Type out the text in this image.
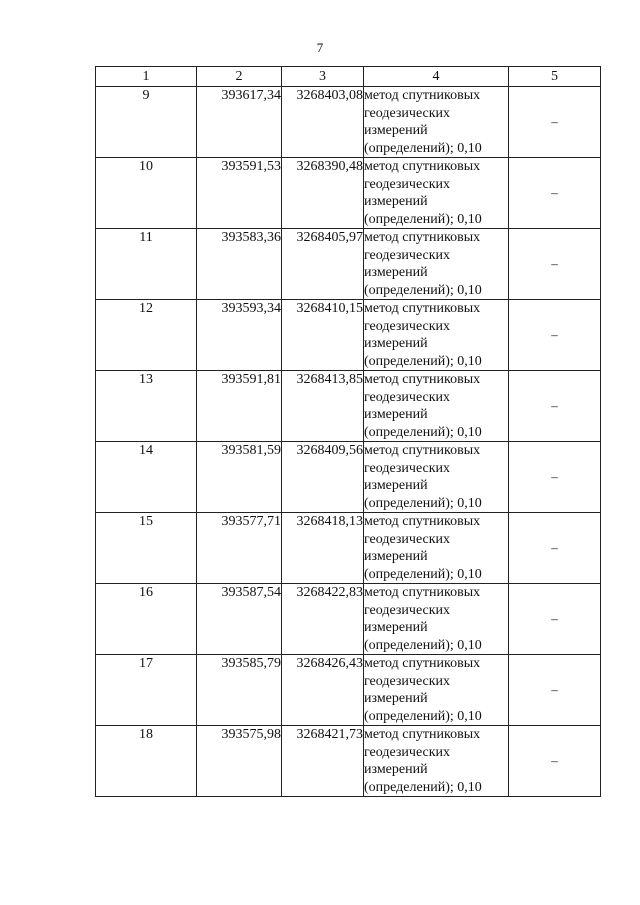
7
1	2	3	4	5
9	393617,34	3268403,08	метод спутниковых
геодезических
измерений
(определений); 0,10	–
10	393591,53	3268390,48	метод спутниковых
геодезических
измерений
(определений); 0,10	–
11	393583,36	3268405,97	метод спутниковых
геодезических
измерений
(определений); 0,10	–
12	393593,34	3268410,15	метод спутниковых
геодезических
измерений
(определений); 0,10	–
13	393591,81	3268413,85	метод спутниковых
геодезических
измерений
(определений); 0,10	–
14	393581,59	3268409,56	метод спутниковых
геодезических
измерений
(определений); 0,10	–
15	393577,71	3268418,13	метод спутниковых
геодезических
измерений
(определений); 0,10	–
16	393587,54	3268422,83	метод спутниковых
геодезических
измерений
(определений); 0,10	–
17	393585,79	3268426,43	метод спутниковых
геодезических
измерений
(определений); 0,10	–
18	393575,98	3268421,73	метод спутниковых
геодезических
измерений
(определений); 0,10	–
